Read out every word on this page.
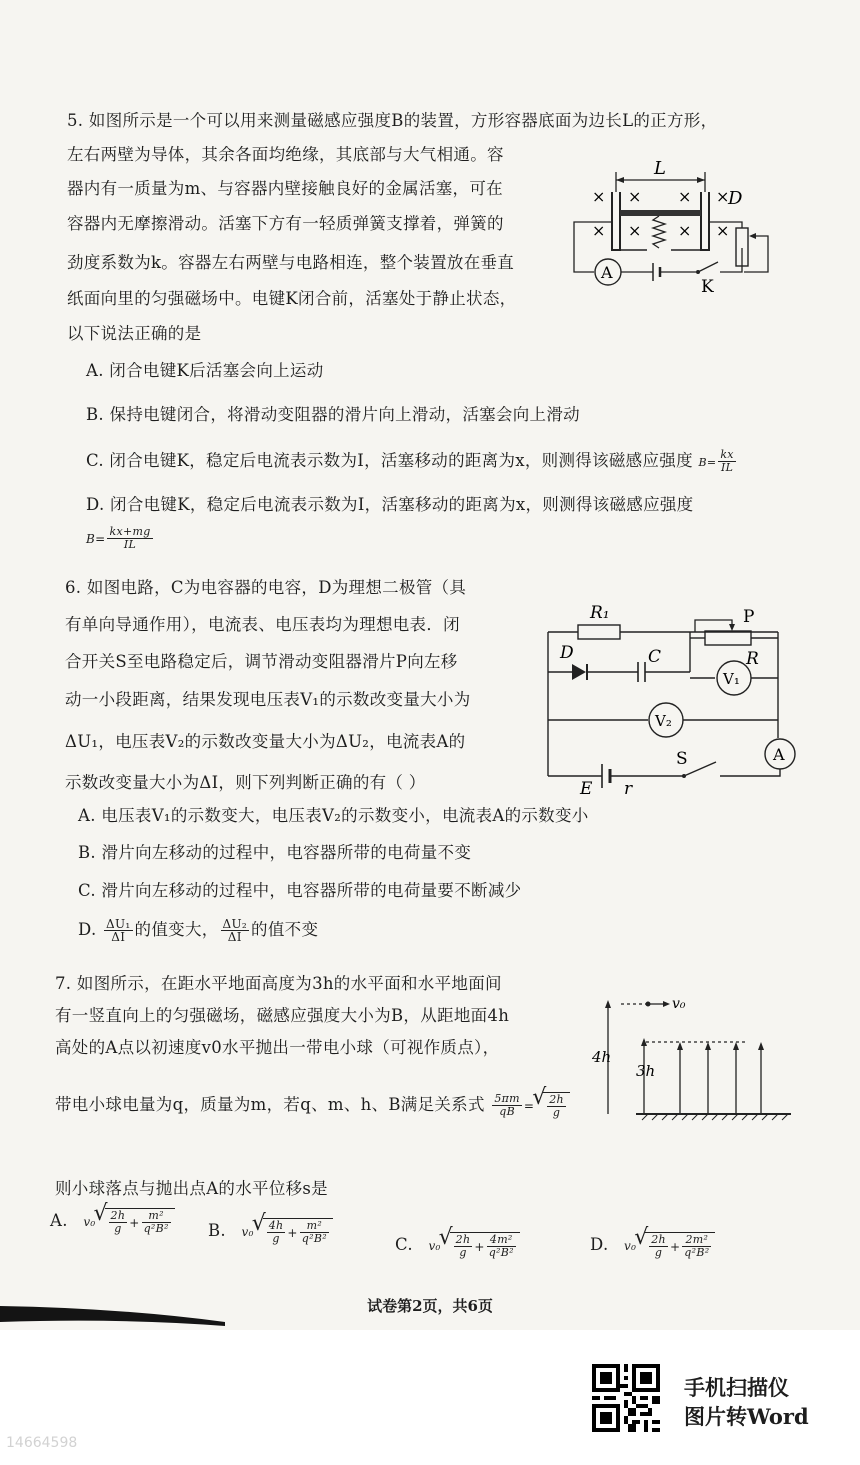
5. 如图所示是一个可以用来测量磁感应强度B的装置，方形容器底面为边长L的正方形，
左右两壁为导体，其余各面均绝缘，其底部与大气相通。容
器内有一质量为m、与容器内壁接触良好的金属活塞，可在
容器内无摩擦滑动。活塞下方有一轻质弹簧支撑着，弹簧的
劲度系数为k。容器左右两壁与电路相连，整个装置放在垂直
纸面向里的匀强磁场中。电键K闭合前，活塞处于静止状态，
以下说法正确的是
A. 闭合电键K后活塞会向上运动
B. 保持电键闭合，将滑动变阻器的滑片向上滑动，活塞会向上滑动
C. 闭合电键K，稳定后电流表示数为I，活塞移动的距离为x，则测得该磁感应强度 $B= \frac{kx}{IL}$
D. 闭合电键K，稳定后电流表示数为I，活塞移动的距离为x，则测得该磁感应强度
$B= \frac{kx+mg}{IL}$
L
× × × ×
× × × ×
D
A
K
6. 如图电路，C为电容器的电容，D为理想二极管（具
有单向导通作用），电流表、电压表均为理想电表．闭
合开关S至电路稳定后，调节滑动变阻器滑片P向左移
动一小段距离，结果发现电压表V₁的示数改变量大小为
ΔU₁，电压表V₂的示数改变量大小为ΔU₂，电流表A的
示数改变量大小为ΔI，则下列判断正确的有（ ）
A. 电压表V₁的示数变大，电压表V₂的示数变小，电流表A的示数变小
B. 滑片向左移动的过程中，电容器所带的电荷量不变
C. 滑片向左移动的过程中，电容器所带的电荷量要不断减少
D. $\frac{\text{ΔU₁}}{\Delta I}$ 的值变大， $\frac{\text{ΔU₂}}{\Delta I}$ 的值不变
R₁	P
R
D	C
V₁
V₂
A
S
E r
7. 如图所示，在距水平地面高度为3h的水平面和水平地面间
有一竖直向上的匀强磁场，磁感应强度大小为B，从距地面4h
高处的A点以初速度v0水平抛出一带电小球（可视作质点），
带电小球电量为q，质量为m，若q、m、h、B满足关系式 $\frac{5\pi m}{qB}$ = √ $\frac{2h}{g}$
则小球落点与抛出点A的水平位移s是
A. v₀ √ $\frac{2h}{g} + \frac{\text{m²}}{\text{q²B²}} B$. v₀ √ $\frac{4h}{g} + \frac{\text{m²}}{\text{q²B²}}$	C. v₀ √ $\frac{2h}{g} + \frac{\text{4m²}}{\text{q²B²}}$	D. v₀ √ $\frac{2h}{g} + \frac{\text{2m²}}{\text{q²B²}}$
v₀
4h
3h
试卷第2页，共6页
手机扫描仪
图片转Word
14664598
